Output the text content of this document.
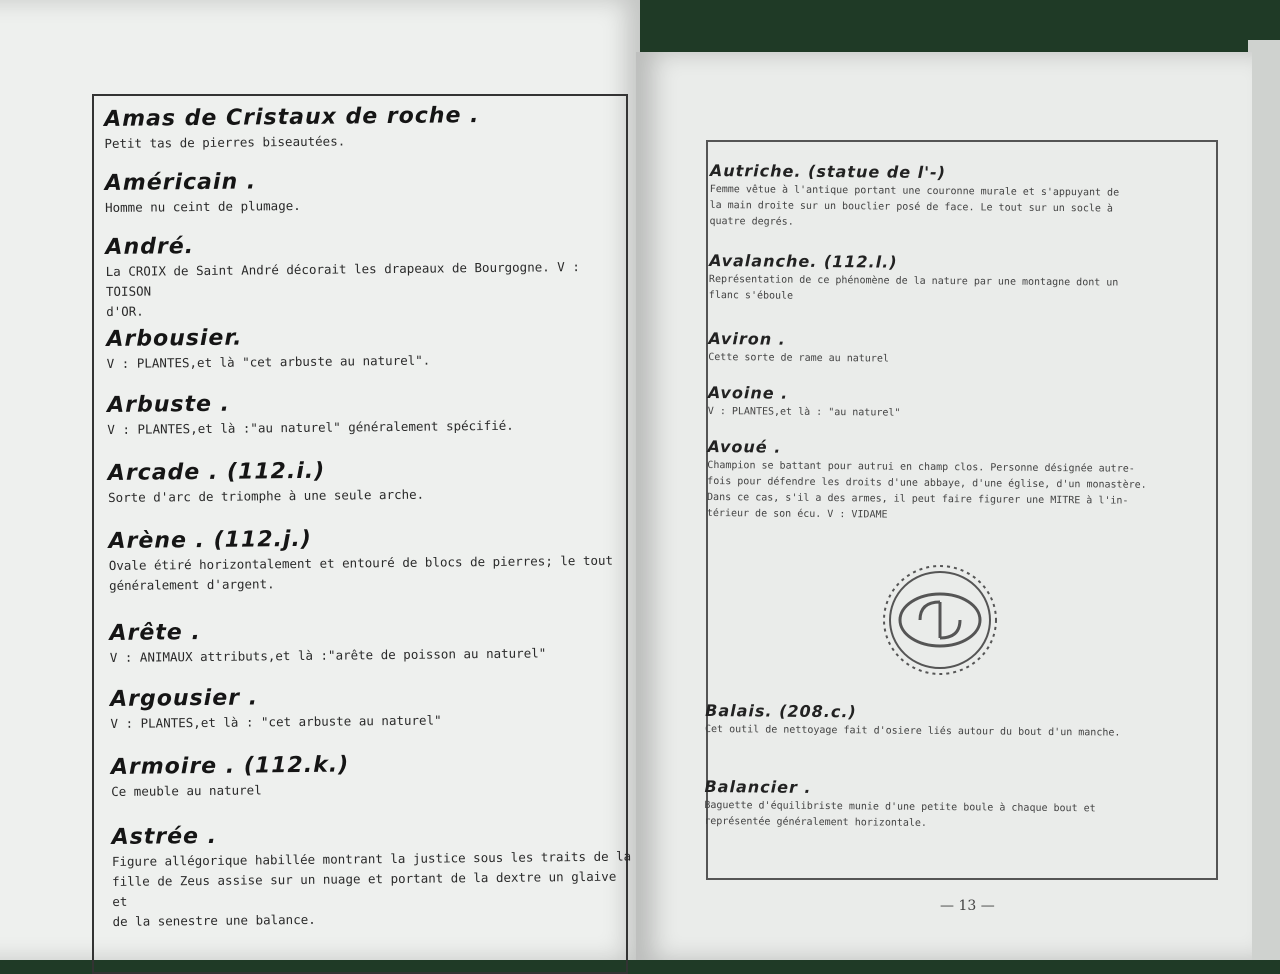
Amas de Cristaux de roche .
Petit tas de pierres biseautées.
Américain .
Homme nu ceint de plumage.
André.
La CROIX de Saint André décorait les drapeaux de Bourgogne. V : TOISON
d'OR.
Arbousier.
V : PLANTES,et là "cet arbuste au naturel".
Arbuste .
V : PLANTES,et là :"au naturel" généralement spécifié.
Arcade . (112.i.)
Sorte d'arc de triomphe à une seule arche.
Arène . (112.j.)
Ovale étiré horizontalement et entouré de blocs de pierres; le tout
généralement d'argent.
Arête .
V : ANIMAUX attributs,et là :"arête de poisson au naturel"
Argousier .
V : PLANTES,et là : "cet arbuste au naturel"
Armoire . (112.k.)
Ce meuble au naturel
Astrée .
Figure allégorique habillée montrant la justice sous les traits de la
fille de Zeus assise sur un nuage et portant de la dextre un glaive et
de la senestre une balance.
Autriche. (statue de l'-)
Femme vêtue à l'antique portant une couronne murale et s'appuyant de
la main droite sur un bouclier posé de face. Le tout sur un socle à
quatre degrés.
Avalanche. (112.l.)
Représentation de ce phénomène de la nature par une montagne dont un
flanc s'éboule
Aviron .
Cette sorte de rame au naturel
Avoine .
V : PLANTES,et là : "au naturel"
Avoué .
Champion se battant pour autrui en champ clos. Personne désignée autre-
fois pour défendre les droits d'une abbaye, d'une église, d'un monastère.
Dans ce cas, s'il a des armes, il peut faire figurer une MITRE à l'in-
térieur de son écu. V : VIDAME
Balais. (208.c.)
Cet outil de nettoyage fait d'osiere liés autour du bout d'un manche.
Balancier .
Baguette d'équilibriste munie d'une petite boule à chaque bout et
représentée généralement horizontale.
— 13 —
